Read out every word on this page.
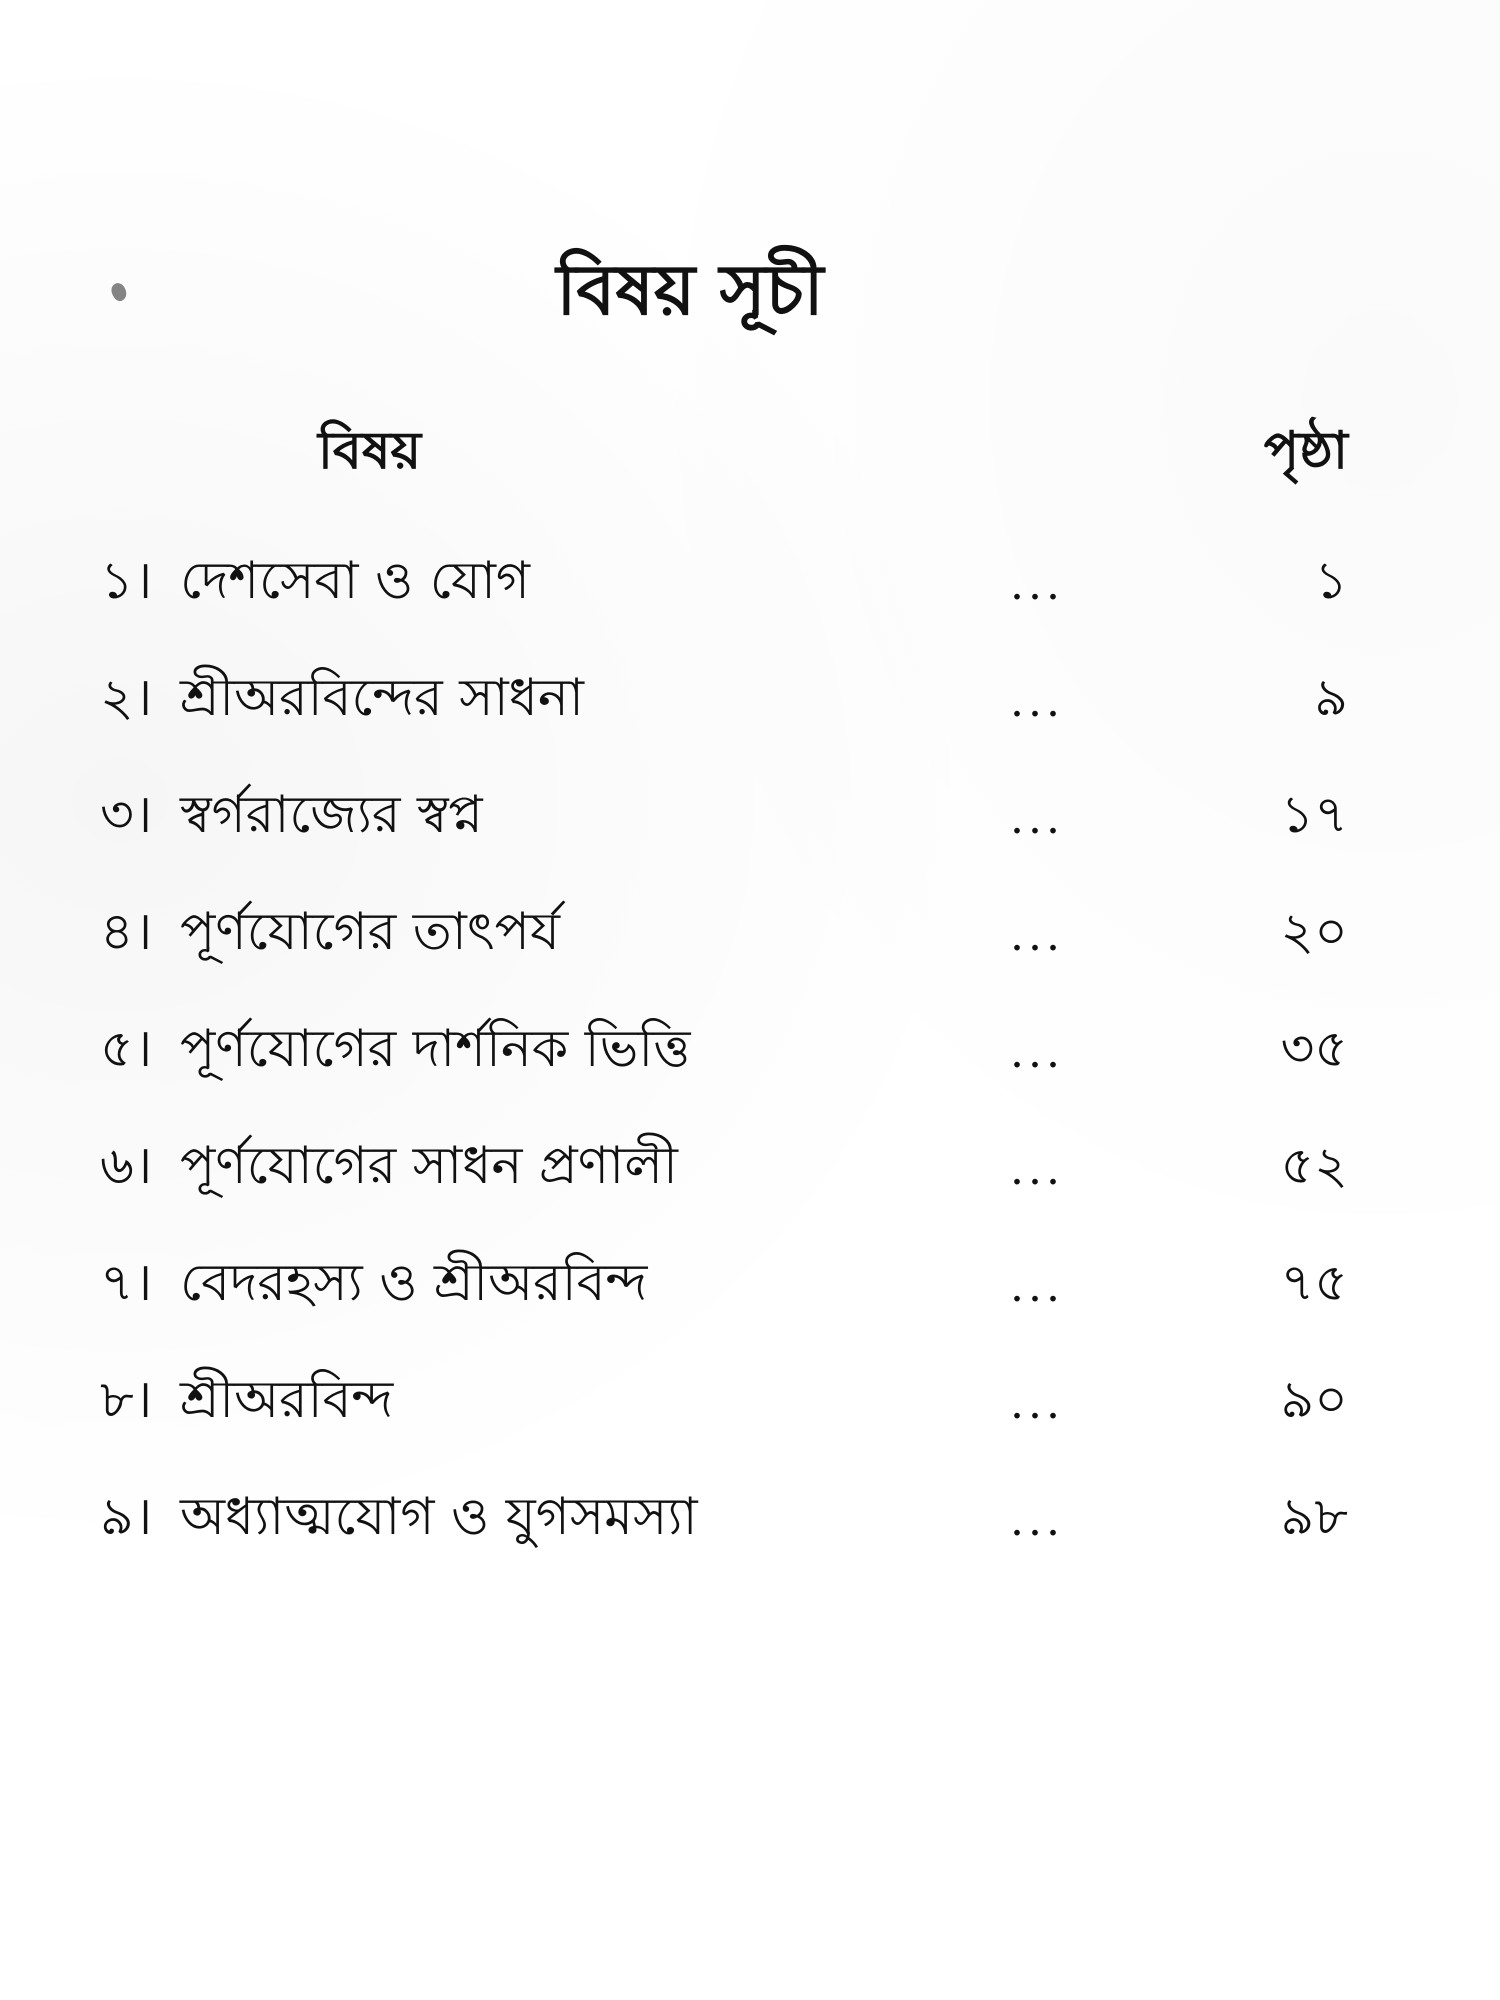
বিষয় সূচী
বিষয়	পৃষ্ঠা
১। দেশসেবা ও যোগ	...	১
২। শ্রীঅরবিন্দের সাধনা	...	৯
৩। স্বর্গরাজ্যের স্বপ্ন	...	১৭
৪। পূর্ণযোগের তাৎপর্য	...	২০
৫। পূর্ণযোগের দার্শনিক ভিত্তি	...	৩৫
৬। পূর্ণযোগের সাধন প্রণালী	...	৫২
৭। বেদরহস্য ও শ্রীঅরবিন্দ	...	৭৫
৮। শ্রীঅরবিন্দ	...	৯০
৯। অধ্যাত্মযোগ ও যুগসমস্যা	...	৯৮
